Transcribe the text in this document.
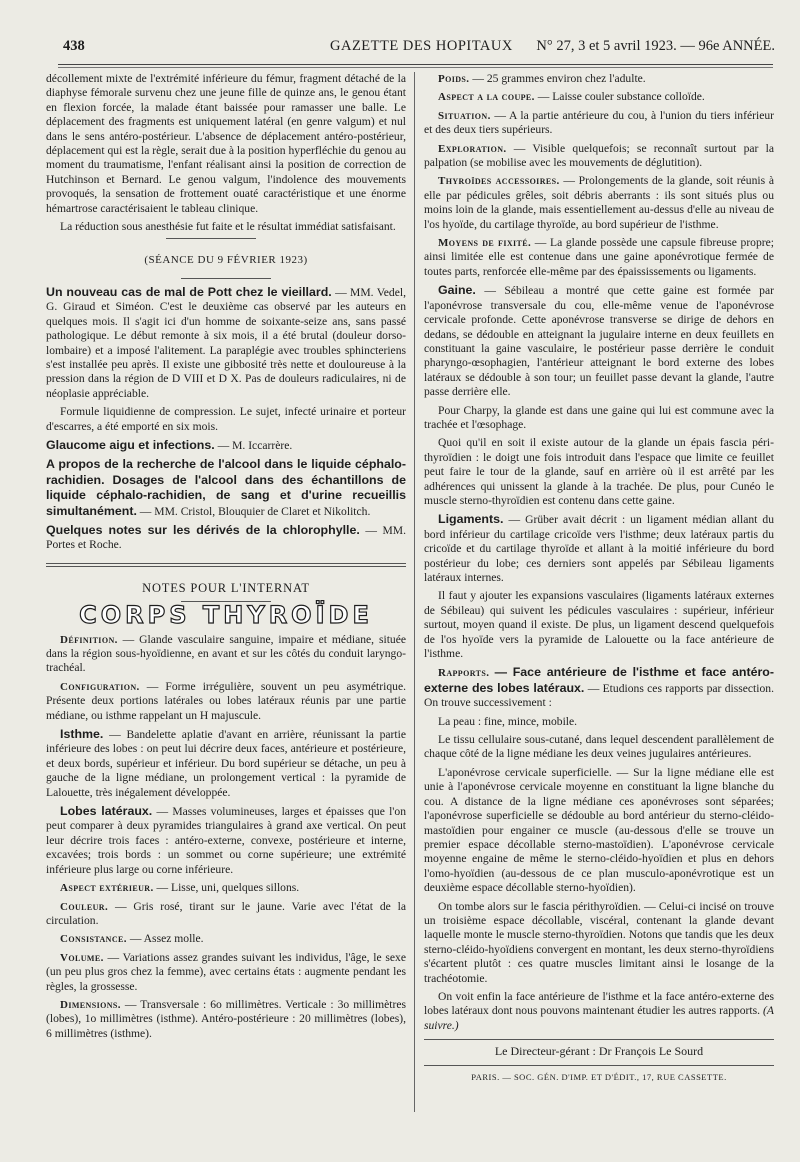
438	GAZETTE DES HOPITAUX N° 27, 3 et 5 avril 1923. — 96e ANNÉE.

décollement mixte de l'extrémité inférieure du fémur, fragment détaché de la diaphyse fémorale survenu chez une jeune fille de quinze ans, le genou étant en flexion forcée, la malade étant baissée pour ramasser une balle. Le déplacement des fragments est uniquement latéral (en genre valgum) et nul dans le sens antéro-postérieur. L'absence de déplacement antéro-postérieur, déplacement qui est la règle, serait due à la position hyperfléchie du genou au moment du traumatisme, l'enfant réalisant ainsi la position de correction de Hutchinson et Bernard. Le genou valgum, l'indolence des mouvements provoqués, la sensation de frottement ouaté caractéristique et une énorme hémartrose caractérisaient le tableau clinique.

La réduction sous anesthésie fut faite et le résultat immédiat satisfaisant.

(SÉANCE DU 9 FÉVRIER 1923)

Un nouveau cas de mal de Pott chez le vieillard. — MM. Vedel, G. Giraud et Siméon. C'est le deuxième cas observé par les auteurs en quelques mois. Il s'agit ici d'un homme de soixante-seize ans, sans passé pathologique. Le début remonte à six mois, il a été brutal (douleur dorso-lombaire) et a imposé l'alitement. La paraplégie avec troubles sphincteriens s'est installée peu après. Il existe une gibbosité très nette et douloureuse à la pression dans la région de D VIII et D X. Pas de douleurs radiculaires, ni de néoplasie appréciable.

Formule liquidienne de compression. Le sujet, infecté urinaire et porteur d'escarres, a été emporté en six mois.

Glaucome aigu et infections. — M. Iccarrère.

A propos de la recherche de l'alcool dans le liquide céphalo-rachidien. Dosages de l'alcool dans des échantillons de liquide céphalo-rachidien, de sang et d'urine recueillis simultanément. — MM. Cristol, Blouquier de Claret et Nikolitch.

Quelques notes sur les dérivés de la chlorophylle. — MM. Portes et Roche.

NOTES POUR L'INTERNAT
CORPS THYROÏDE

Définition. — Glande vasculaire sanguine, impaire et médiane, située dans la région sous-hyoïdienne, en avant et sur les côtés du conduit laryngo-trachéal.

Configuration. — Forme irrégulière, souvent un peu asymétrique. Présente deux portions latérales ou lobes latéraux réunis par une partie médiane, ou isthme rappelant un H majuscule.

Isthme. — Bandelette aplatie d'avant en arrière, réunissant la partie inférieure des lobes : on peut lui décrire deux faces, antérieure et postérieure, et deux bords, supérieur et inférieur. Du bord supérieur se détache, un peu à gauche de la ligne médiane, un prolongement vertical : la pyramide de Lalouette, très inégalement développée.

Lobes latéraux. — Masses volumineuses, larges et épaisses que l'on peut comparer à deux pyramides triangulaires à grand axe vertical. On peut leur décrire trois faces : antéro-externe, convexe, postérieure et interne, excavées; trois bords : un sommet ou corne supérieure; une extrémité inférieure plus large ou corne inférieure.

Aspect extérieur. — Lisse, uni, quelques sillons.

Couleur. — Gris rosé, tirant sur le jaune. Varie avec l'état de la circulation.

Consistance. — Assez molle.

Volume. — Variations assez grandes suivant les individus, l'âge, le sexe (un peu plus gros chez la femme), avec certains états : augmente pendant les règles, la grossesse.

Dimensions. — Transversale : 6o millimètres. Verticale : 3o millimètres (lobes), 1o millimètres (isthme). Antéro-postérieure : 20 millimètres (lobes), 6 millimètres (isthme).

Poids. — 25 grammes environ chez l'adulte.

Aspect a la coupe. — Laisse couler substance colloïde.

Situation. — A la partie antérieure du cou, à l'union du tiers inférieur et des deux tiers supérieurs.

Exploration. — Visible quelquefois; se reconnaît surtout par la palpation (se mobilise avec les mouvements de déglutition).

Thyroïdes accessoires. — Prolongements de la glande, soit réunis à elle par pédicules grêles, soit débris aberrants : ils sont situés plus ou moins loin de la glande, mais essentiellement au-dessus d'elle au niveau de l'os hyoïde, du cartilage thyroïde, au bord supérieur de l'isthme.

Moyens de fixité. — La glande possède une capsule fibreuse propre; ainsi limitée elle est contenue dans une gaine aponévrotique fermée de toutes parts, renforcée elle-même par des épaississements ou ligaments.

Gaine. — Sébileau a montré que cette gaine est formée par l'aponévrose transversale du cou, elle-même venue de l'aponévrose cervicale profonde. Cette aponévrose transverse se dirige de dehors en dedans, se dédouble en atteignant la jugulaire interne en deux feuillets en constituant la gaine vasculaire, le postérieur passe derrière le conduit pharyngo-œsophagien, l'antérieur atteignant le bord externe des lobes latéraux se dédouble à son tour; un feuillet passe devant la glande, l'autre passe derrière elle.

Pour Charpy, la glande est dans une gaine qui lui est commune avec la trachée et l'œsophage.

Quoi qu'il en soit il existe autour de la glande un épais fascia péri-thyroïdien : le doigt une fois introduit dans l'espace que limite ce feuillet peut faire le tour de la glande, sauf en arrière où il est arrêté par les adhérences qui unissent la glande à la trachée. De plus, pour Cunéo le muscle sterno-thyroïdien est contenu dans cette gaine.

Ligaments. — Grüber avait décrit : un ligament médian allant du bord inférieur du cartilage cricoïde vers l'isthme; deux latéraux partis du cricoïde et du cartilage thyroïde et allant à la moitié inférieure du bord postérieur du lobe; ces derniers sont appelés par Sébileau ligaments latéraux internes.

Il faut y ajouter les expansions vasculaires (ligaments latéraux externes de Sébileau) qui suivent les pédicules vasculaires : supérieur, inférieur surtout, moyen quand il existe. De plus, un ligament descend quelquefois de l'os hyoïde vers la pyramide de Lalouette ou la face antérieure de l'isthme.

Rapports. — Face antérieure de l'isthme et face antéro-externe des lobes latéraux. — Etudions ces rapports par dissection. On trouve successivement :

La peau : fine, mince, mobile.

Le tissu cellulaire sous-cutané, dans lequel descendent parallèlement de chaque côté de la ligne médiane les deux veines jugulaires antérieures.

L'aponévrose cervicale superficielle. — Sur la ligne médiane elle est unie à l'aponévrose cervicale moyenne en constituant la ligne blanche du cou. A distance de la ligne médiane ces aponévroses sont séparées; l'aponévrose superficielle se dédouble au bord antérieur du sterno-cléido-mastoïdien pour engainer ce muscle (au-dessous d'elle se trouve un premier espace décollable sterno-mastoïdien). L'aponévrose cervicale moyenne engaine de même le sterno-cléido-hyoïdien et plus en dehors l'omo-hyoïdien (au-dessous de ce plan musculo-aponévrotique est un deuxième espace décollable sterno-hyoïdien).

On tombe alors sur le fascia périthyroïdien. — Celui-ci incisé on trouve un troisième espace décollable, viscéral, contenant la glande devant laquelle monte le muscle sterno-thyroïdien. Notons que tandis que les deux sterno-cléido-hyoïdiens convergent en montant, les deux sterno-thyroïdiens s'écartent plutôt : ces quatre muscles limitant ainsi le losange de la trachéotomie.

On voit enfin la face antérieure de l'isthme et la face antéro-externe des lobes latéraux dont nous pouvons maintenant étudier les autres rapports. (A suivre.)

Le Directeur-gérant : Dr François Le Sourd
PARIS. — SOC. GÉN. D'IMP. ET D'ÉDIT., 17, RUE CASSETTE.
